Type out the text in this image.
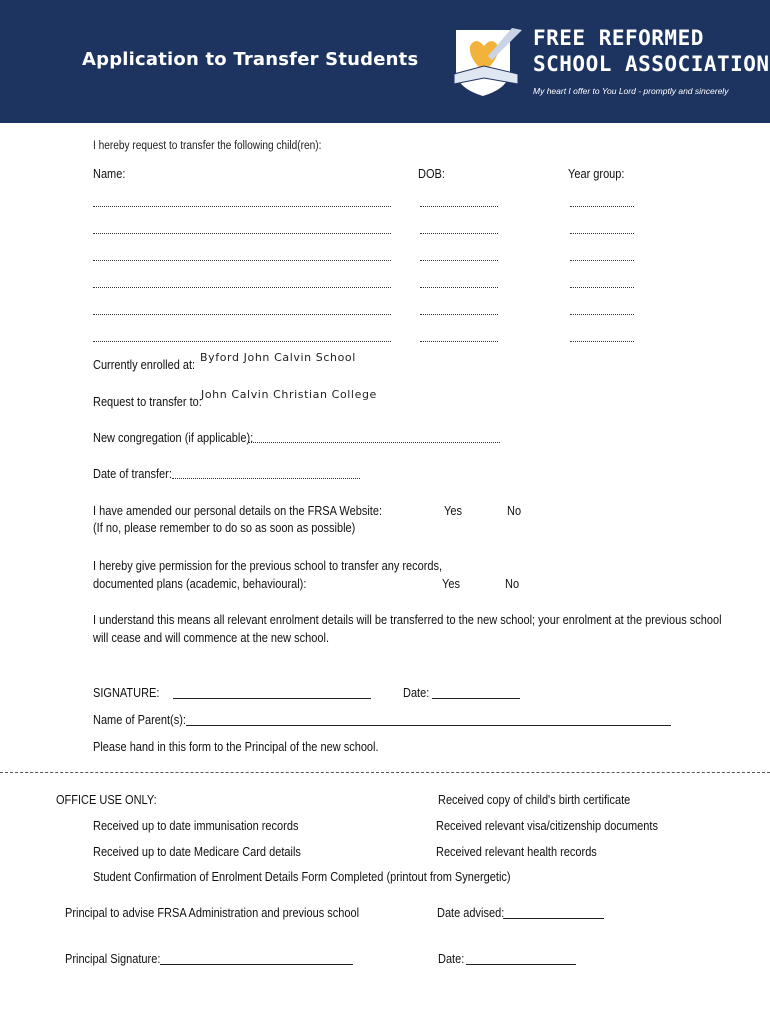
Application to Transfer Students
FREE REFORMED
SCHOOL ASSOCIATION
My heart I offer to You Lord - promptly and sincerely
I hereby request to transfer the following child(ren):
Name:	DOB:	Year group:
Currently enrolled at:
Byford John Calvin School
Request to transfer to:
John Calvin Christian College
New congregation (if applicable):
Date of transfer:
I have amended our personal details on the FRSA Website:
(If no, please remember to do so as soon as possible)
Yes	No
I hereby give permission for the previous school to transfer any records,
documented plans (academic, behavioural):	Yes	No
I understand this means all relevant enrolment details will be transferred to the new school; your enrolment at the previous school
will cease and will commence at the new school.
SIGNATURE:	Date:
Name of Parent(s):
Please hand in this form to the Principal of the new school.
OFFICE USE ONLY:	Received copy of child's birth certificate
Received up to date immunisation records	Received relevant visa/citizenship documents
Received up to date Medicare Card details	Received relevant health records
Student Confirmation of Enrolment Details Form Completed (printout from Synergetic)
Principal to advise FRSA Administration and previous school	Date advised:
Principal Signature:	Date:
